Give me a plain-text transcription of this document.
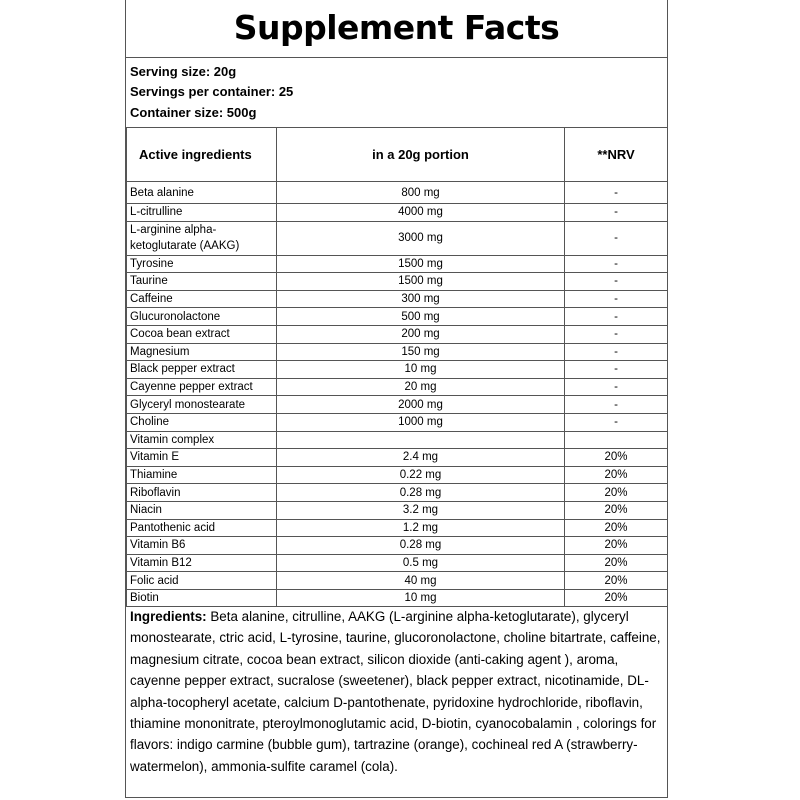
Supplement Facts
Serving size: 20g
Servings per container: 25
Container size: 500g
Active ingredients	in a 20g portion	**NRV
Beta alanine	800 mg	-
L-citrulline	4000 mg	-
L-arginine alpha-ketoglutarate (AAKG)	3000 mg	-
Tyrosine	1500 mg	-
Taurine	1500 mg	-
Caffeine	300 mg	-
Glucuronolactone	500 mg	-
Cocoa bean extract	200 mg	-
Magnesium	150 mg	-
Black pepper extract	10 mg	-
Cayenne pepper extract	20 mg	-
Glyceryl monostearate	2000 mg	-
Choline	1000 mg	-
Vitamin complex		
Vitamin E	2.4 mg	20%
Thiamine	0.22 mg	20%
Riboflavin	0.28 mg	20%
Niacin	3.2 mg	20%
Pantothenic acid	1.2 mg	20%
Vitamin B6	0.28 mg	20%
Vitamin B12	0.5 mg	20%
Folic acid	40 mg	20%
Biotin	10 mg	20%
Ingredients: Beta alanine, citrulline, AAKG (L-arginine alpha-ketoglutarate), glyceryl monostearate, ctric acid, L-tyrosine, taurine, glucoronolactone, choline bitartrate, caffeine, magnesium citrate, cocoa bean extract, silicon dioxide (anti-caking agent ), aroma, cayenne pepper extract, sucralose (sweetener), black pepper extract, nicotinamide, DL-alpha-tocopheryl acetate, calcium D-pantothenate, pyridoxine hydrochloride, riboflavin, thiamine mononitrate, pteroylmonoglutamic acid, D-biotin, cyanocobalamin , colorings for flavors: indigo carmine (bubble gum), tartrazine (orange), cochineal red A (strawberry-watermelon), ammonia-sulfite caramel (cola).
